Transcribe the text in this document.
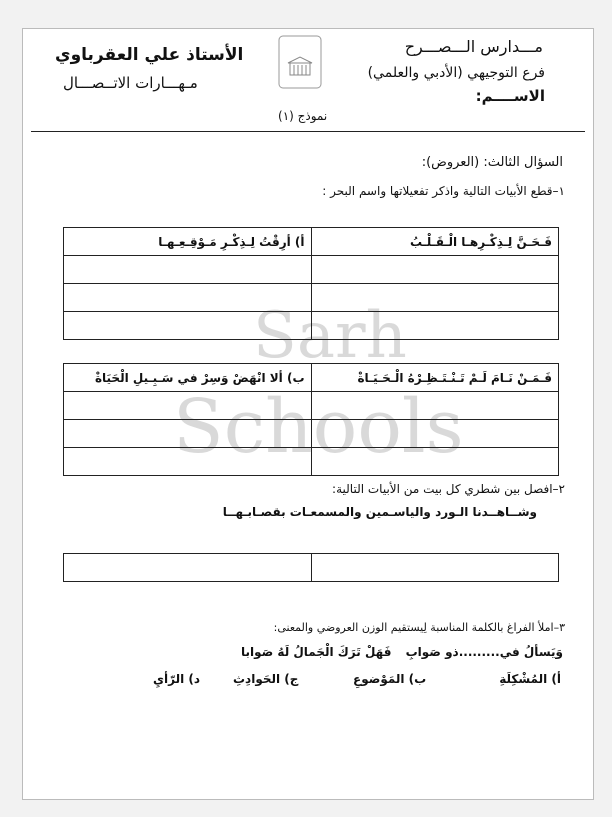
Sarh
Schools
مـــدارس الـــصـــرح
فرع التوجيهي (الأدبي والعلمي)
الاســــم:
الأستاذ علي العقرباوي
مـهـــارات الاتــصـــال
نموذج (١)
السؤال الثالث: (العروض):
١–قطع الأبيات التالية واذكر تفعيلاتها واسم البحر :
أ) أرِقْتُ لِـذِكْـرِ مَـوْقِـعِـهـا	فَـحَـنَّ لِـذِكْـرِهـا الْـقَـلْـبُ

ب) ألا انْهَضْ وَسِرْ في سَـبِـيلِ الْحَيَاةْ	فَـمَـنْ نَـامَ لَـمْ تَـنْـتَـظِـرْهُ الْـحَـيَـاةْ

٢–افصل بين شطري كل بيت من الأبيات التالية:
وشــاهــدنا الـورد والياسـمين والمسمعـات بقصـابـهــا

٣–املأ الفراغ بالكلمة المناسبة لِيستقيم الوزن العروضي والمعنى:
وَيَسألُ في.........ذو صَوابِ
فَهَلْ تَرَكَ الْجَمالُ لَهُ صَوابا
أ) المُشْكِلَةِ
ب) المَوْضوعِ
ج) الحَوادِثِ
د) الرّأيِ
